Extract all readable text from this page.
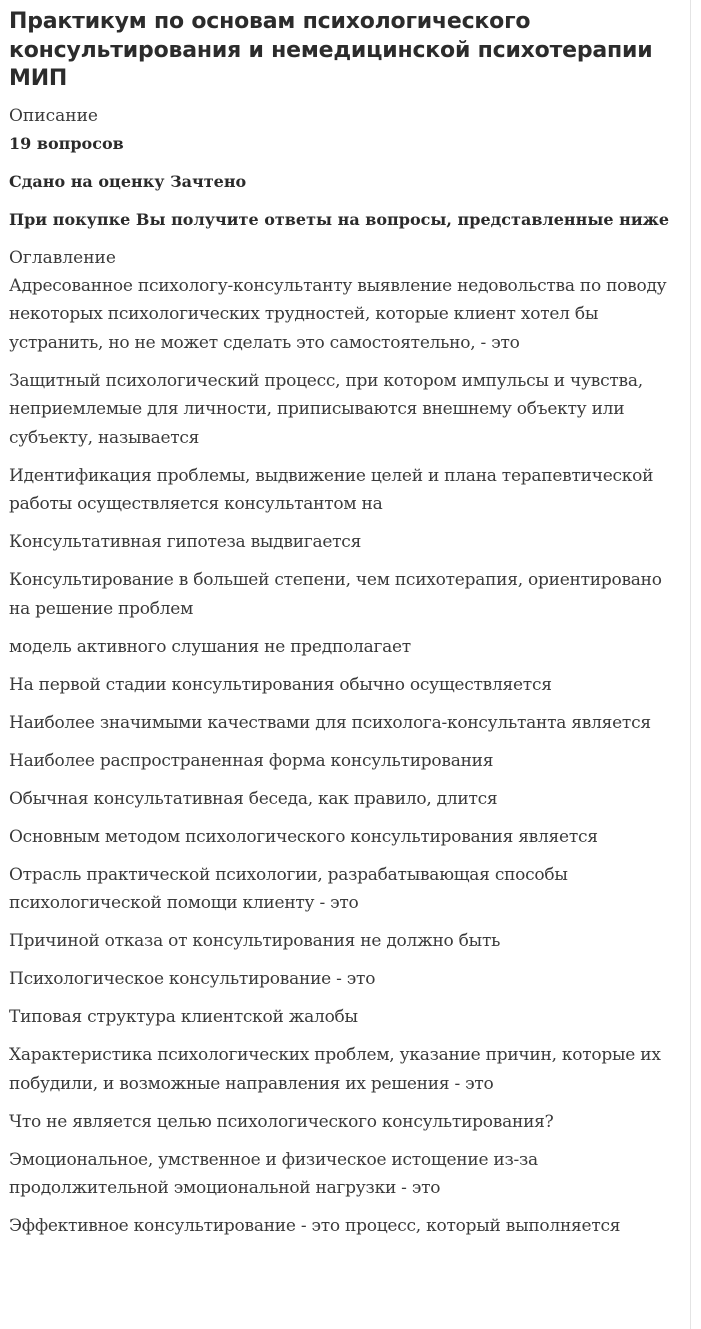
Практикум по основам психологического консультирования и немедицинской психотерапии МИП

Описание

19 вопросов

Сдано на оценку Зачтено

При покупке Вы получите ответы на вопросы, представленные ниже

Оглавление

Адресованное психологу-консультанту выявление недовольства по поводу некоторых психологических трудностей, которые клиент хотел бы устранить, но не может сделать это самостоятельно, - это
Защитный психологический процесс, при котором импульсы и чувства, неприемлемые для личности, приписываются внешнему объекту или субъекту, называется
Идентификация проблемы, выдвижение целей и плана терапевтической работы осуществляется консультантом на
Консультативная гипотеза выдвигается
Консультирование в большей степени, чем психотерапия, ориентировано на решение проблем
модель активного слушания не предполагает
На первой стадии консультирования обычно осуществляется
Наиболее значимыми качествами для психолога-консультанта является
Наиболее распространенная форма консультирования
Обычная консультативная беседа, как правило, длится
Основным методом психологического консультирования является
Отрасль практической психологии, разрабатывающая способы психологической помощи клиенту - это
Причиной отказа от консультирования не должно быть
Психологическое консультирование - это
Типовая структура клиентской жалобы
Характеристика психологических проблем, указание причин, которые их побудили, и возможные направления их решения - это
Что не является целью психологического консультирования?
Эмоциональное, умственное и физическое истощение из-за продолжительной эмоциональной нагрузки - это
Эффективное консультирование - это процесс, который выполняется
